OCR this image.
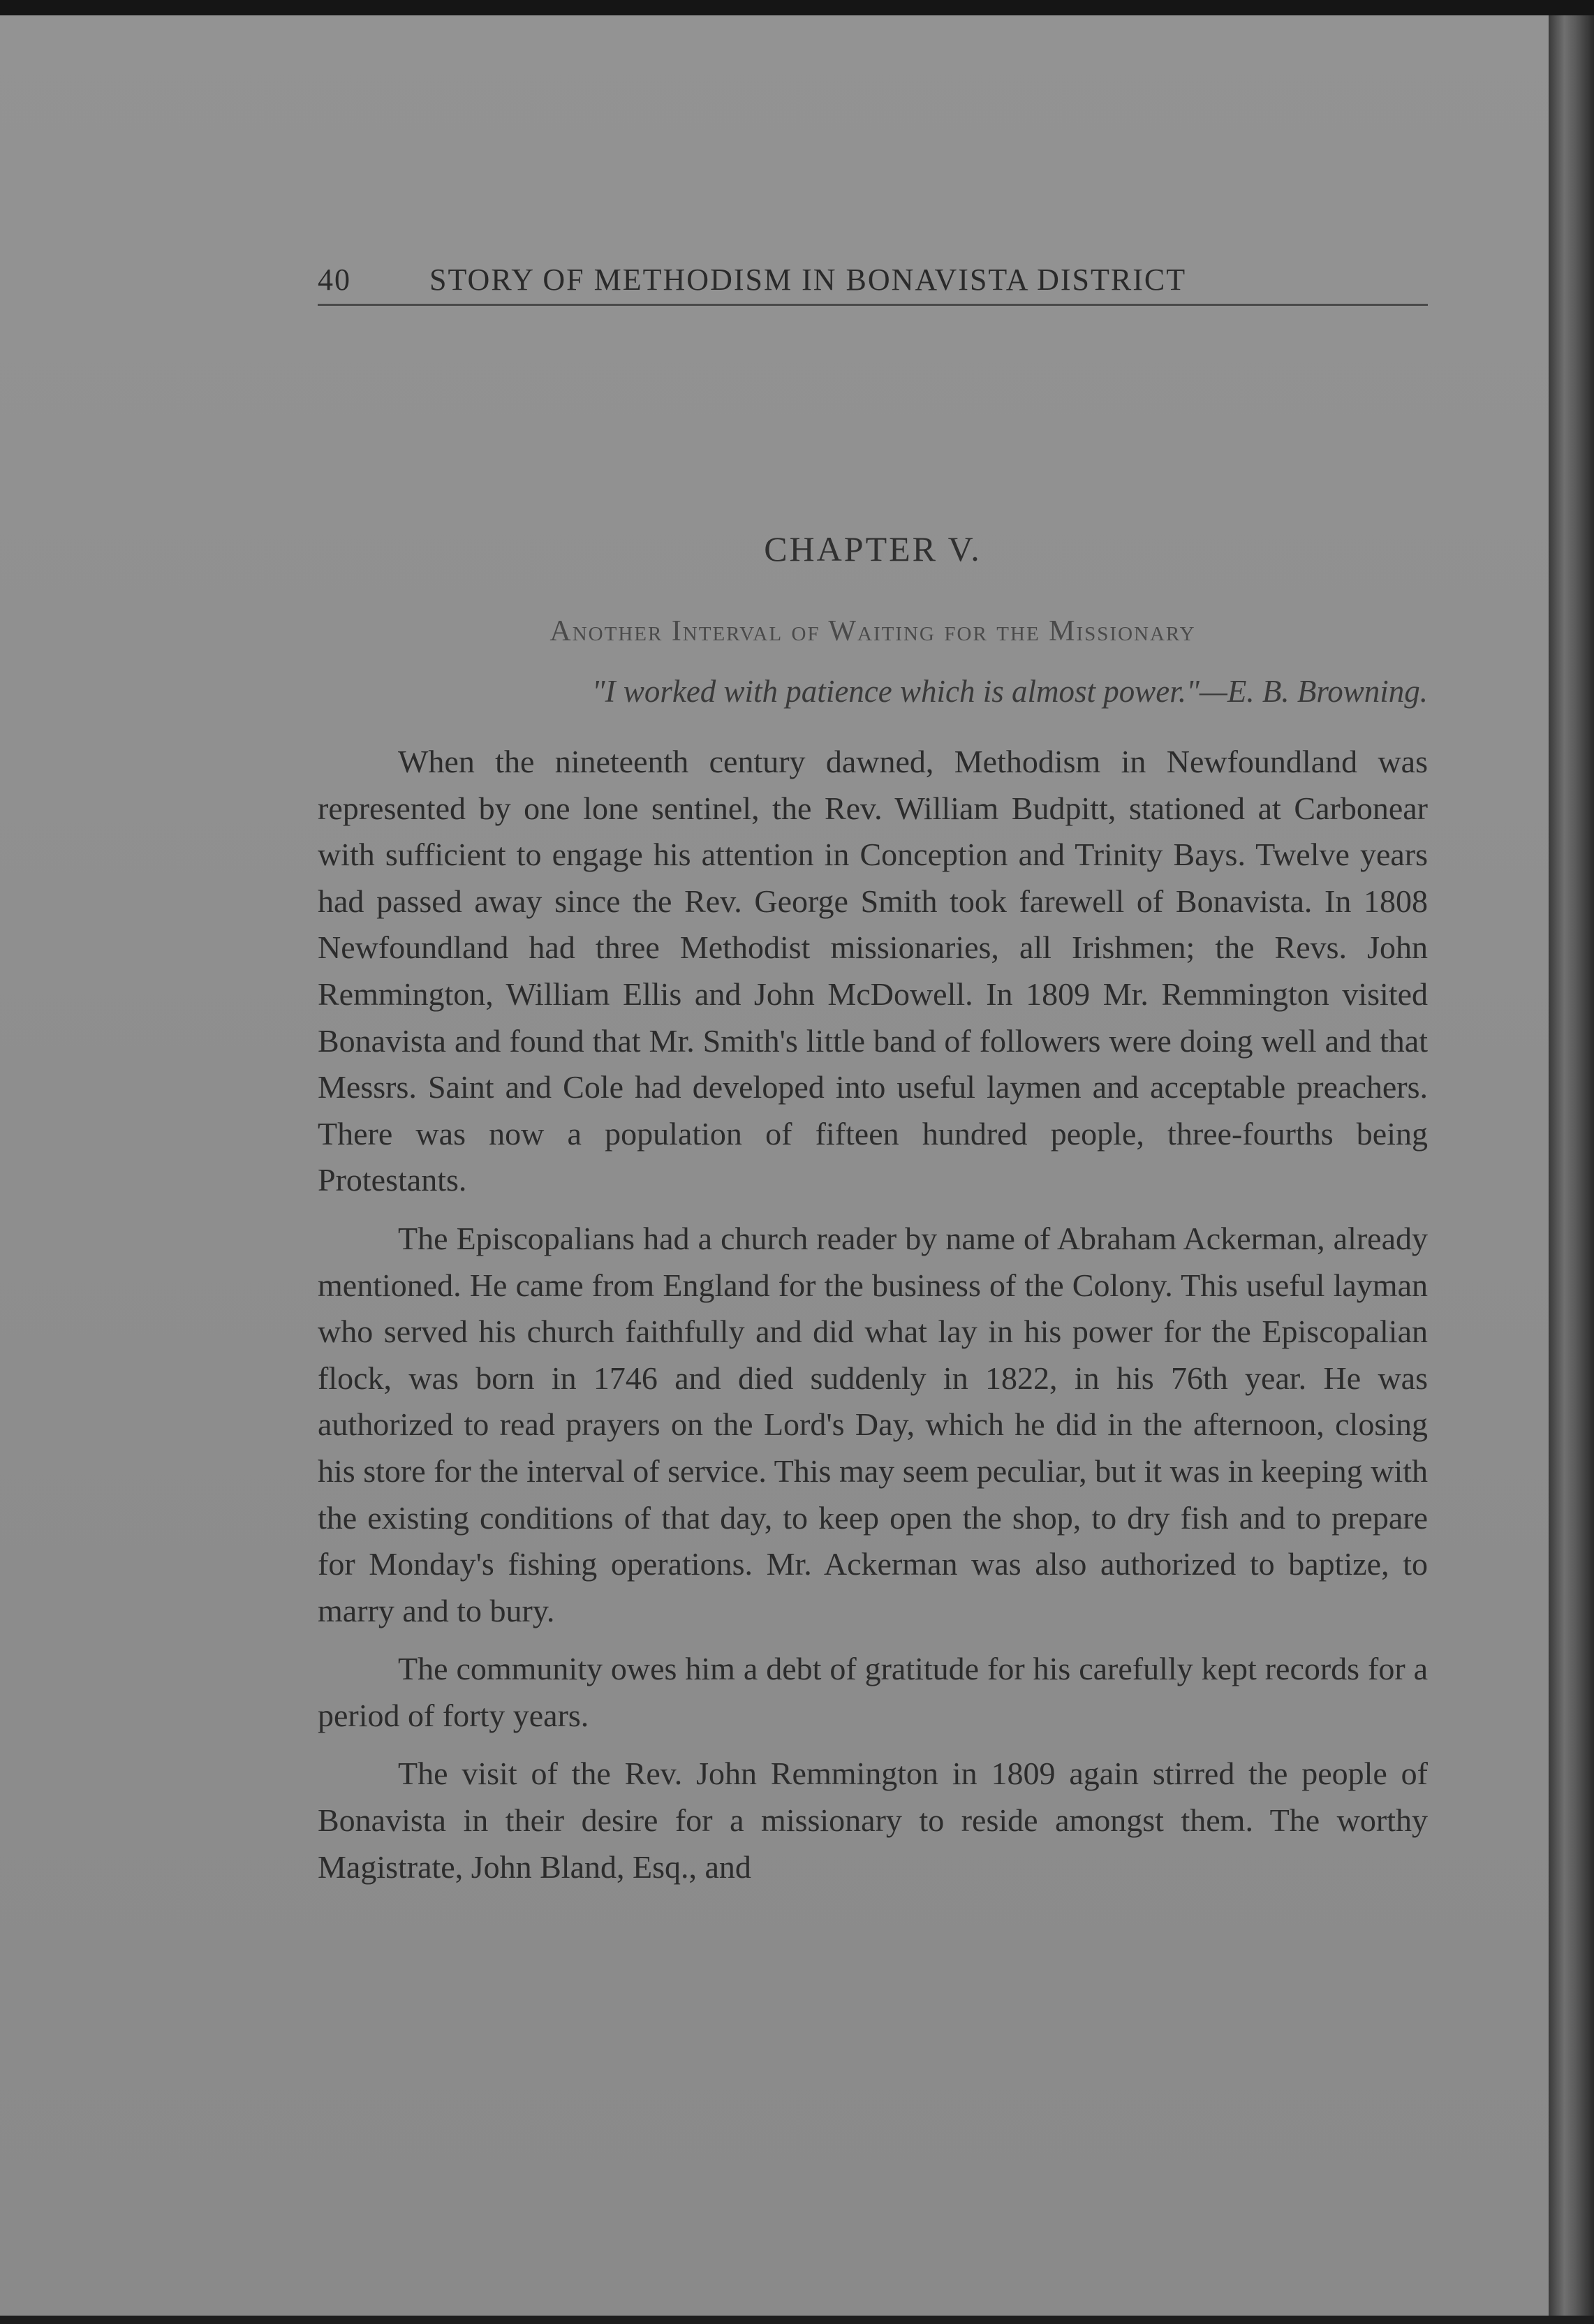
40	STORY OF METHODISM IN BONAVISTA DISTRICT
CHAPTER V.
Another Interval of Waiting for the Missionary
"I worked with patience which is almost power."—E. B. Browning.

When the nineteenth century dawned, Methodism in Newfoundland was represented by one lone sentinel, the Rev. William Budpitt, stationed at Carbonear with sufficient to engage his attention in Conception and Trinity Bays. Twelve years had passed away since the Rev. George Smith took farewell of Bonavista. In 1808 Newfoundland had three Methodist missionaries, all Irishmen; the Revs. John Remmington, William Ellis and John McDowell. In 1809 Mr. Remmington visited Bonavista and found that Mr. Smith's little band of followers were doing well and that Messrs. Saint and Cole had developed into useful laymen and acceptable preachers. There was now a population of fifteen hundred people, three-fourths being Protestants.

The Episcopalians had a church reader by name of Abraham Ackerman, already mentioned. He came from England for the business of the Colony. This useful layman who served his church faithfully and did what lay in his power for the Episcopalian flock, was born in 1746 and died suddenly in 1822, in his 76th year. He was authorized to read prayers on the Lord's Day, which he did in the afternoon, closing his store for the interval of service. This may seem peculiar, but it was in keeping with the existing conditions of that day, to keep open the shop, to dry fish and to prepare for Monday's fishing operations. Mr. Ackerman was also authorized to baptize, to marry and to bury.

The community owes him a debt of gratitude for his carefully kept records for a period of forty years.

The visit of the Rev. John Remmington in 1809 again stirred the people of Bonavista in their desire for a missionary to reside amongst them. The worthy Magistrate, John Bland, Esq., and
